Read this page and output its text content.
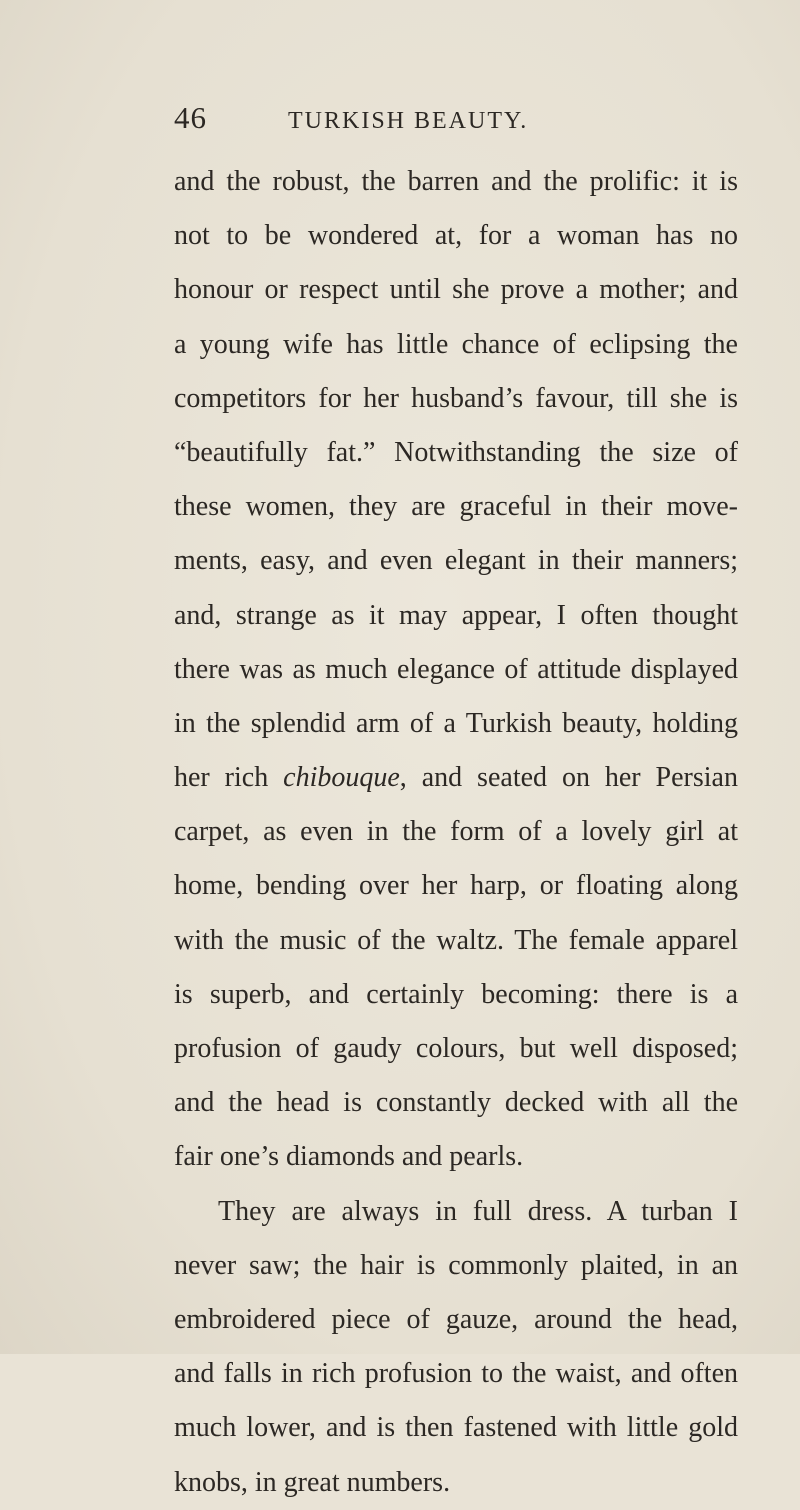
46	TURKISH BEAUTY.
and the robust, the barren and the prolific: it is
not to be wondered at, for a woman has no
honour or respect until she prove a mother; and
a young wife has little chance of eclipsing the
competitors for her husband’s favour, till she is
“beautifully fat.” Notwithstanding the size of
these women, they are graceful in their move-
ments, easy, and even elegant in their manners;
and, strange as it may appear, I often thought
there was as much elegance of attitude displayed
in the splendid arm of a Turkish beauty, holding
her rich chibouque, and seated on her Persian
carpet, as even in the form of a lovely girl at
home, bending over her harp, or floating along
with the music of the waltz. The female apparel
is superb, and certainly becoming: there is a
profusion of gaudy colours, but well disposed;
and the head is constantly decked with all the
fair one’s diamonds and pearls.
They are always in full dress. A turban I
never saw; the hair is commonly plaited, in an
embroidered piece of gauze, around the head,
and falls in rich profusion to the waist, and often
much lower, and is then fastened with little gold
knobs, in great numbers.
